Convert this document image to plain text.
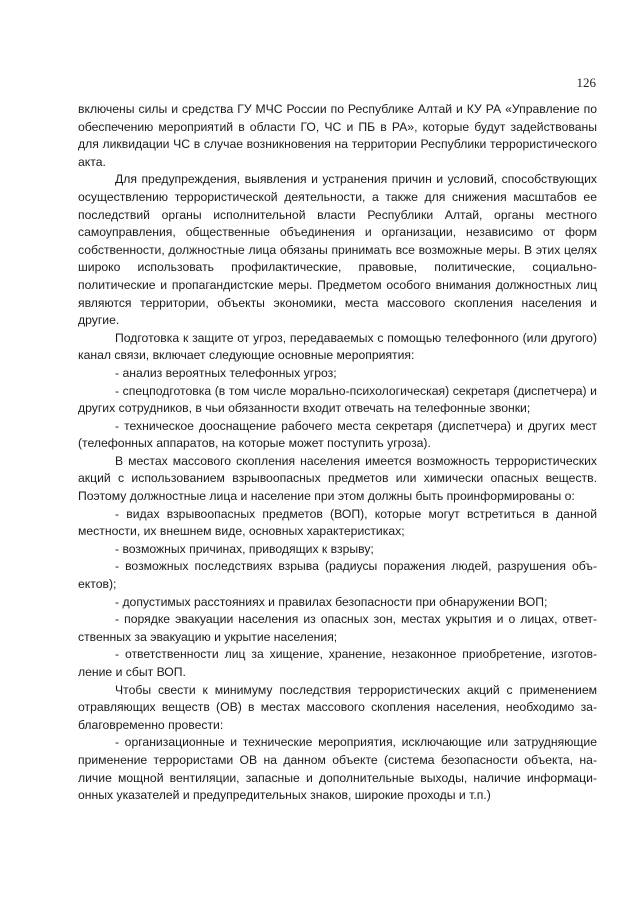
126

включены силы и средства ГУ МЧС России по Республике Алтай и КУ РА «Управление по обеспечению мероприятий в области ГО, ЧС и ПБ в РА», которые будут задействованы для ликвидации ЧС в случае возникновения на территории Республики террористического акта.

Для предупреждения, выявления и устранения причин и условий, способствующих осуществлению террористической деятельности, а также для снижения масштабов ее последствий органы исполнительной власти Республики Алтай, органы местного самоуправления, общественные объединения и организации, независимо от форм собственности, должностные лица обязаны принимать все возможные меры. В этих целях широко использовать профилактические, правовые, политические, социально-политические и пропагандистские меры. Предметом особого внимания должностных лиц являются территории, объекты экономики, места массового скопления населения и другие.

Подготовка к защите от угроз, передаваемых с помощью телефонного (или другого) канал связи, включает следующие основные мероприятия:

- анализ вероятных телефонных угроз;

- спецподготовка (в том числе морально-психологическая) секретаря (диспетчера) и других сотрудников, в чьи обязанности входит отвечать на телефонные звонки;

- техническое дооснащение рабочего места секретаря (диспетчера) и других мест (телефонных аппаратов, на которые может поступить угроза).

В местах массового скопления населения имеется возможность террористических акций с использованием взрывоопасных предметов или химически опасных веществ. Поэтому должностные лица и население при этом должны быть проинформированы о:

- видах взрывоопасных предметов (ВОП), которые могут встретиться в данной местности, их внешнем виде, основных характеристиках;

- возможных причинах, приводящих к взрыву;

- возможных последствиях взрыва (радиусы поражения людей, разрушения объектов);

- допустимых расстояниях и правилах безопасности при обнаружении ВОП;

- порядке эвакуации населения из опасных зон, местах укрытия и о лицах, ответственных за эвакуацию и укрытие населения;

- ответственности лиц за хищение, хранение, незаконное приобретение, изготовление и сбыт ВОП.

Чтобы свести к минимуму последствия террористических акций с применением отравляющих веществ (ОВ) в местах массового скопления населения, необходимо заблаговременно провести:

- организационные и технические мероприятия, исключающие или затрудняющие применение террористами ОВ на данном объекте (система безопасности объекта, наличие мощной вентиляции, запасные и дополнительные выходы, наличие информационных указателей и предупредительных знаков, широкие проходы и т.п.)
